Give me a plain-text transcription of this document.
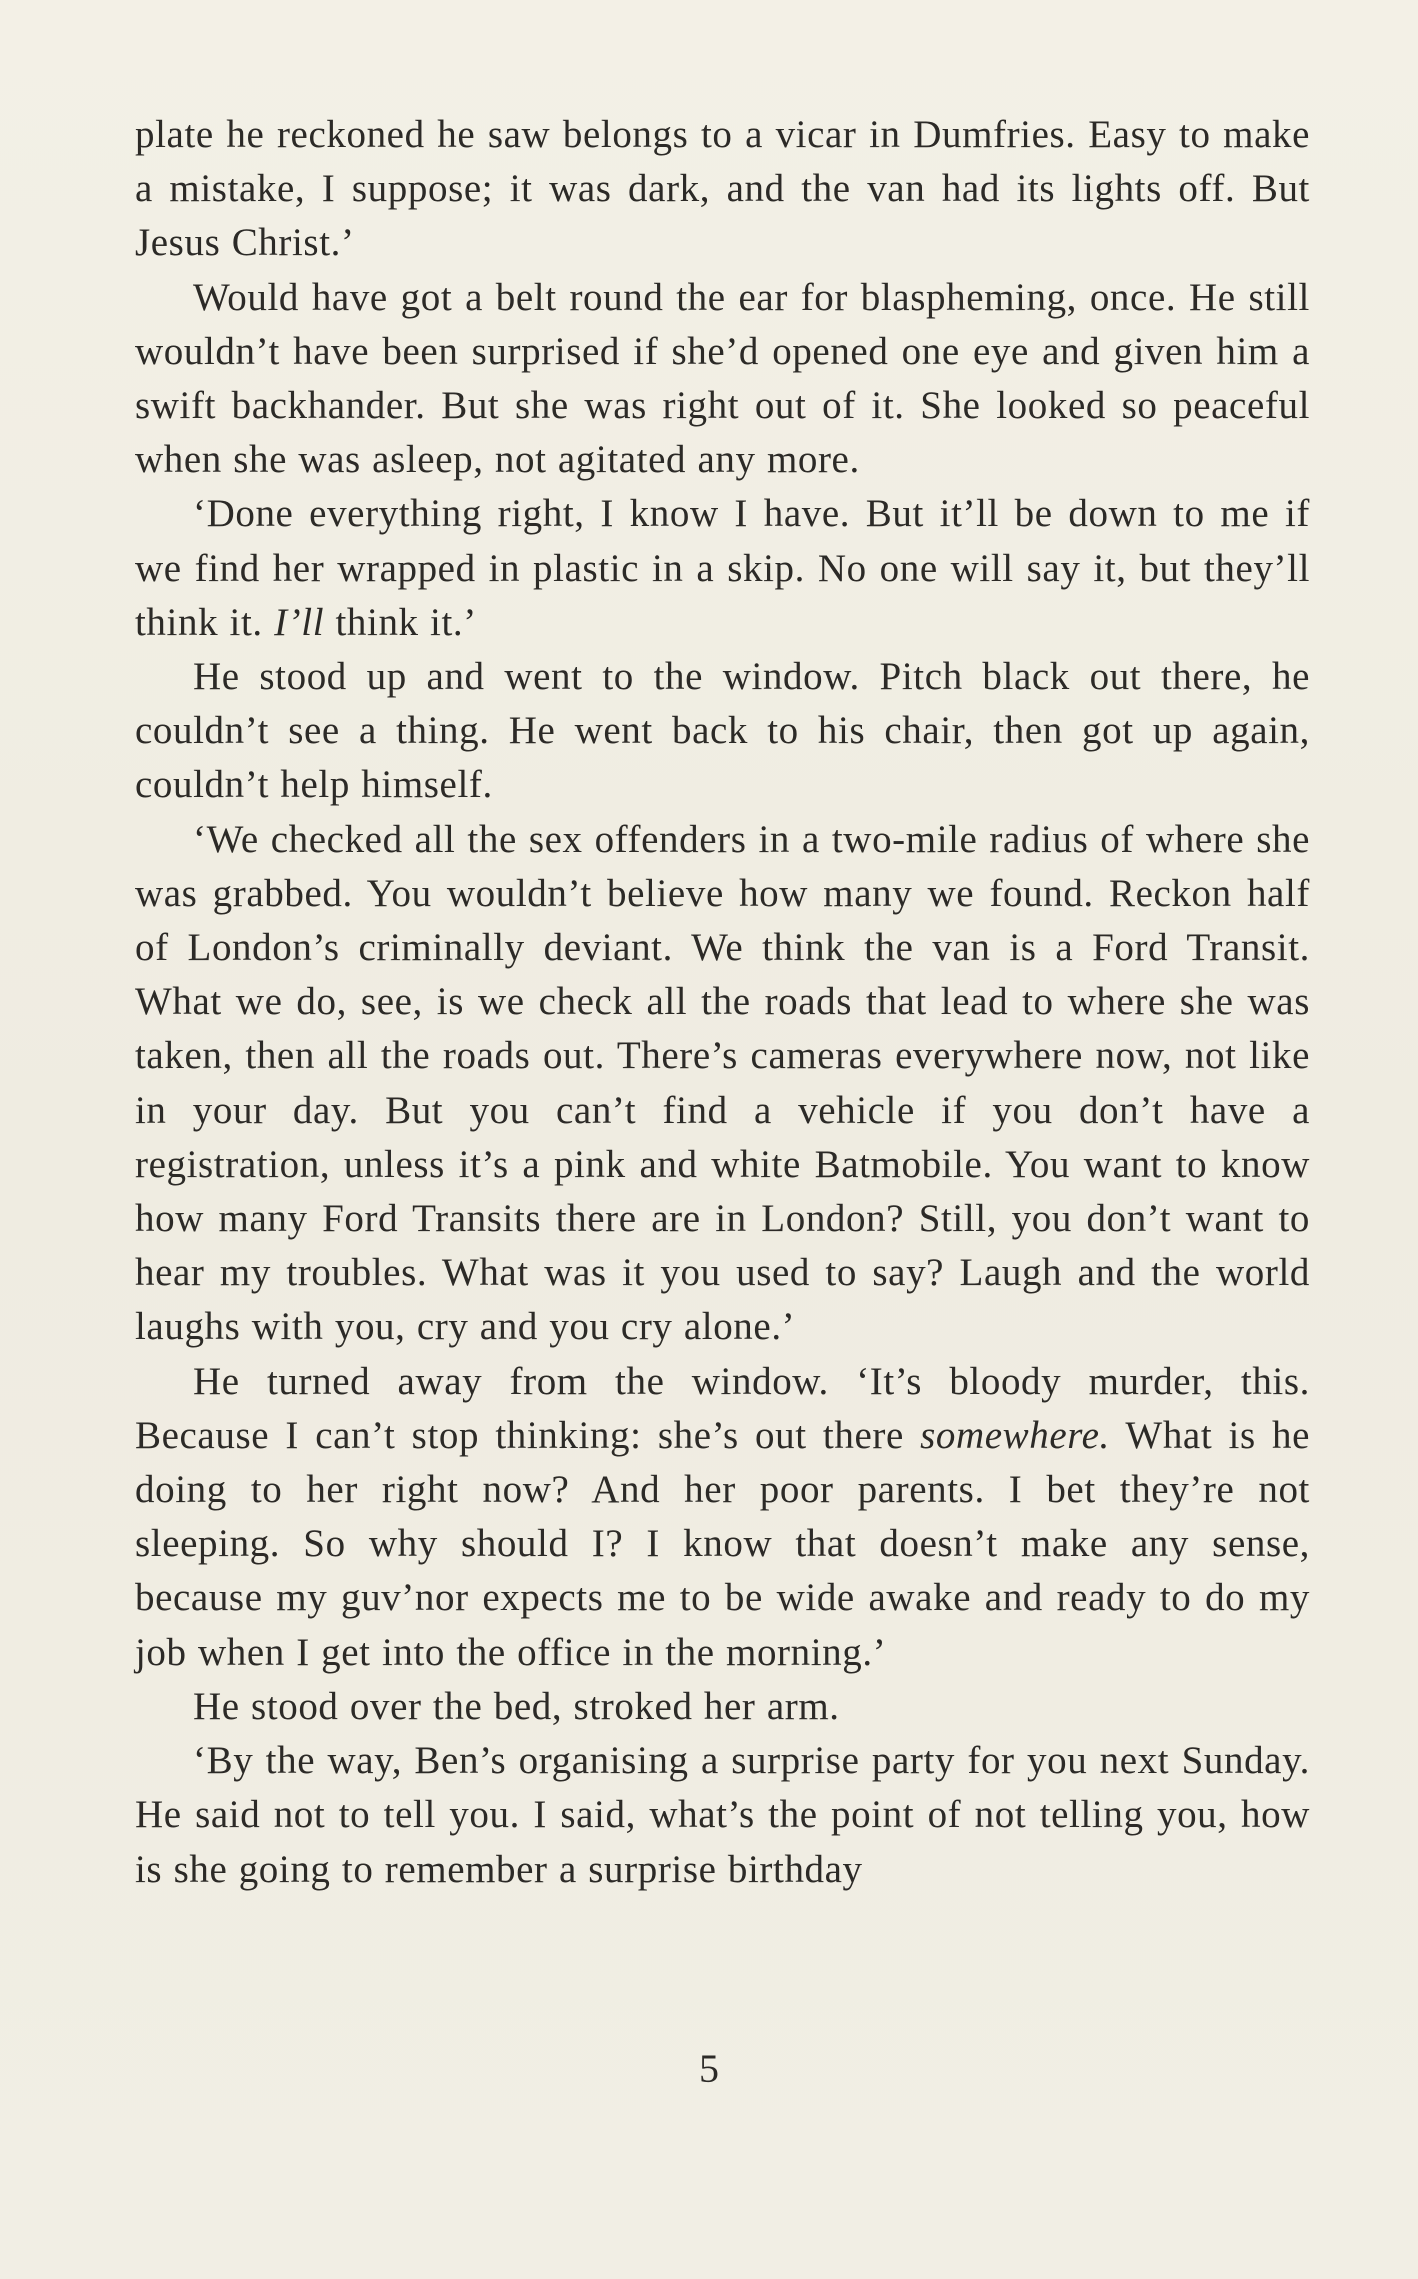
plate he reckoned he saw belongs to a vicar in Dumfries. Easy to make a mistake, I suppose; it was dark, and the van had its lights off. But Jesus Christ.’

Would have got a belt round the ear for blaspheming, once. He still wouldn’t have been surprised if she’d opened one eye and given him a swift backhander. But she was right out of it. She looked so peaceful when she was asleep, not agitated any more.

‘Done everything right, I know I have. But it’ll be down to me if we find her wrapped in plastic in a skip. No one will say it, but they’ll think it. I’ll think it.’

He stood up and went to the window. Pitch black out there, he couldn’t see a thing. He went back to his chair, then got up again, couldn’t help himself.

‘We checked all the sex offenders in a two-mile radius of where she was grabbed. You wouldn’t believe how many we found. Reckon half of London’s criminally deviant. We think the van is a Ford Transit. What we do, see, is we check all the roads that lead to where she was taken, then all the roads out. There’s cameras everywhere now, not like in your day. But you can’t find a vehicle if you don’t have a registration, unless it’s a pink and white Batmobile. You want to know how many Ford Transits there are in London? Still, you don’t want to hear my troubles. What was it you used to say? Laugh and the world laughs with you, cry and you cry alone.’

He turned away from the window. ‘It’s bloody murder, this. Because I can’t stop thinking: she’s out there somewhere. What is he doing to her right now? And her poor parents. I bet they’re not sleeping. So why should I? I know that doesn’t make any sense, because my guv’nor expects me to be wide awake and ready to do my job when I get into the office in the morning.’

He stood over the bed, stroked her arm.

‘By the way, Ben’s organising a surprise party for you next Sunday. He said not to tell you. I said, what’s the point of not telling you, how is she going to remember a surprise birthday

5
